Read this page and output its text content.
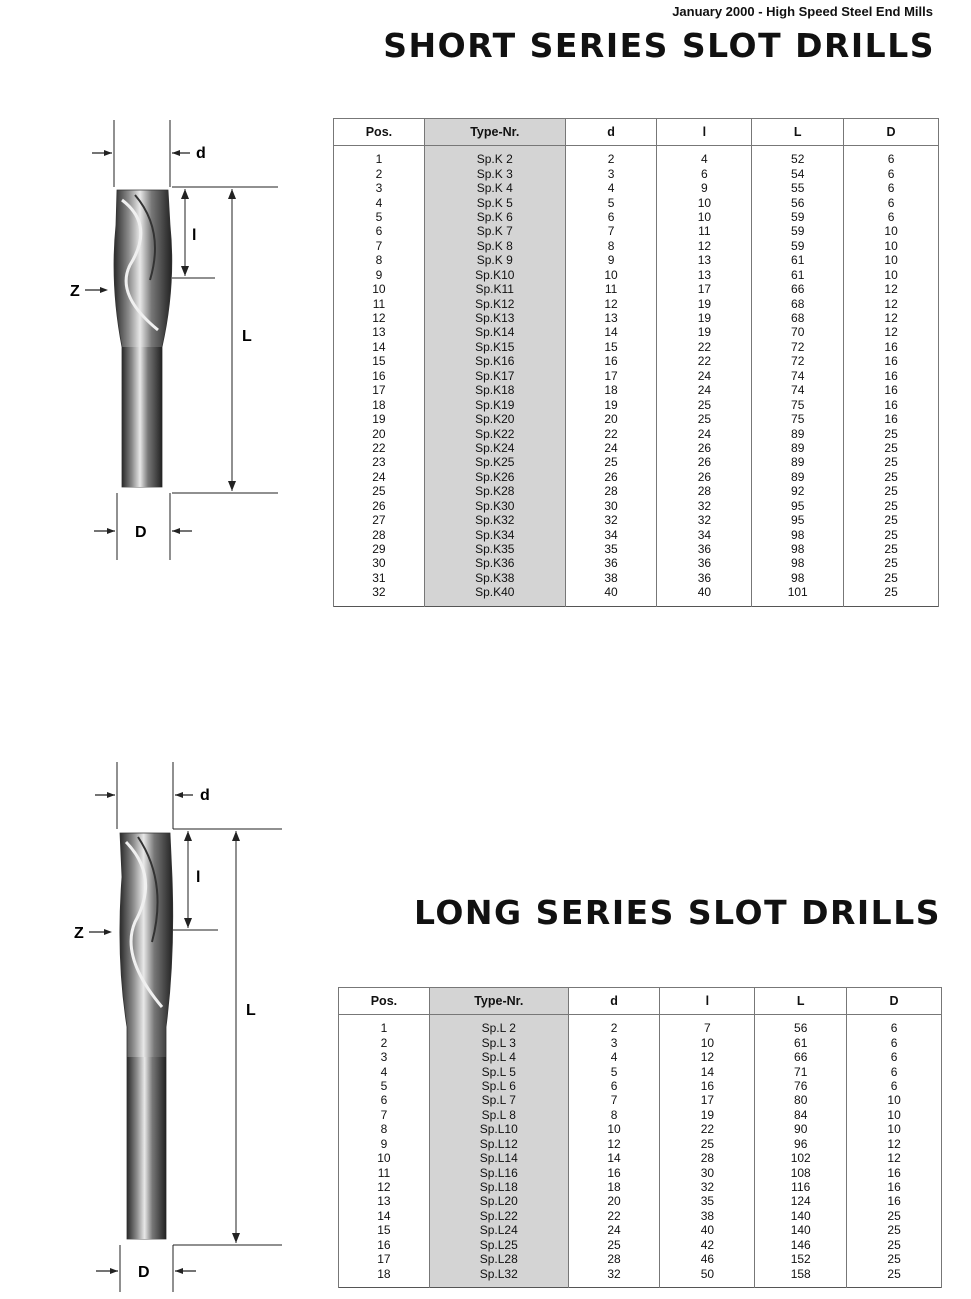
January 2000 - High Speed Steel End Mills
SHORT SERIES SLOT DRILLS
d
l
L
Z
D
Pos.	Type-Nr.	d	l	L	D

1	Sp.K 2	2	4	52	6
2	Sp.K 3	3	6	54	6
3	Sp.K 4	4	9	55	6
4	Sp.K 5	5	10	56	6
5	Sp.K 6	6	10	59	6
6	Sp.K 7	7	11	59	10
7	Sp.K 8	8	12	59	10
8	Sp.K 9	9	13	61	10
9	Sp.K10	10	13	61	10
10	Sp.K11	11	17	66	12
11	Sp.K12	12	19	68	12
12	Sp.K13	13	19	68	12
13	Sp.K14	14	19	70	12
14	Sp.K15	15	22	72	16
15	Sp.K16	16	22	72	16
16	Sp.K17	17	24	74	16
17	Sp.K18	18	24	74	16
18	Sp.K19	19	25	75	16
19	Sp.K20	20	25	75	16
20	Sp.K22	22	24	89	25
22	Sp.K24	24	26	89	25
23	Sp.K25	25	26	89	25
24	Sp.K26	26	26	89	25
25	Sp.K28	28	28	92	25
26	Sp.K30	30	32	95	25
27	Sp.K32	32	32	95	25
28	Sp.K34	34	34	98	25
29	Sp.K35	35	36	98	25
30	Sp.K36	36	36	98	25
31	Sp.K38	38	36	98	25
32	Sp.K40	40	40	101	25

LONG SERIES SLOT DRILLS
d
l
L
Z
D
Pos.	Type-Nr.	d	l	L	D

1	Sp.L 2	2	7	56	6
2	Sp.L 3	3	10	61	6
3	Sp.L 4	4	12	66	6
4	Sp.L 5	5	14	71	6
5	Sp.L 6	6	16	76	6
6	Sp.L 7	7	17	80	10
7	Sp.L 8	8	19	84	10
8	Sp.L10	10	22	90	10
9	Sp.L12	12	25	96	12
10	Sp.L14	14	28	102	12
11	Sp.L16	16	30	108	16
12	Sp.L18	18	32	116	16
13	Sp.L20	20	35	124	16
14	Sp.L22	22	38	140	25
15	Sp.L24	24	40	140	25
16	Sp.L25	25	42	146	25
17	Sp.L28	28	46	152	25
18	Sp.L32	32	50	158	25
